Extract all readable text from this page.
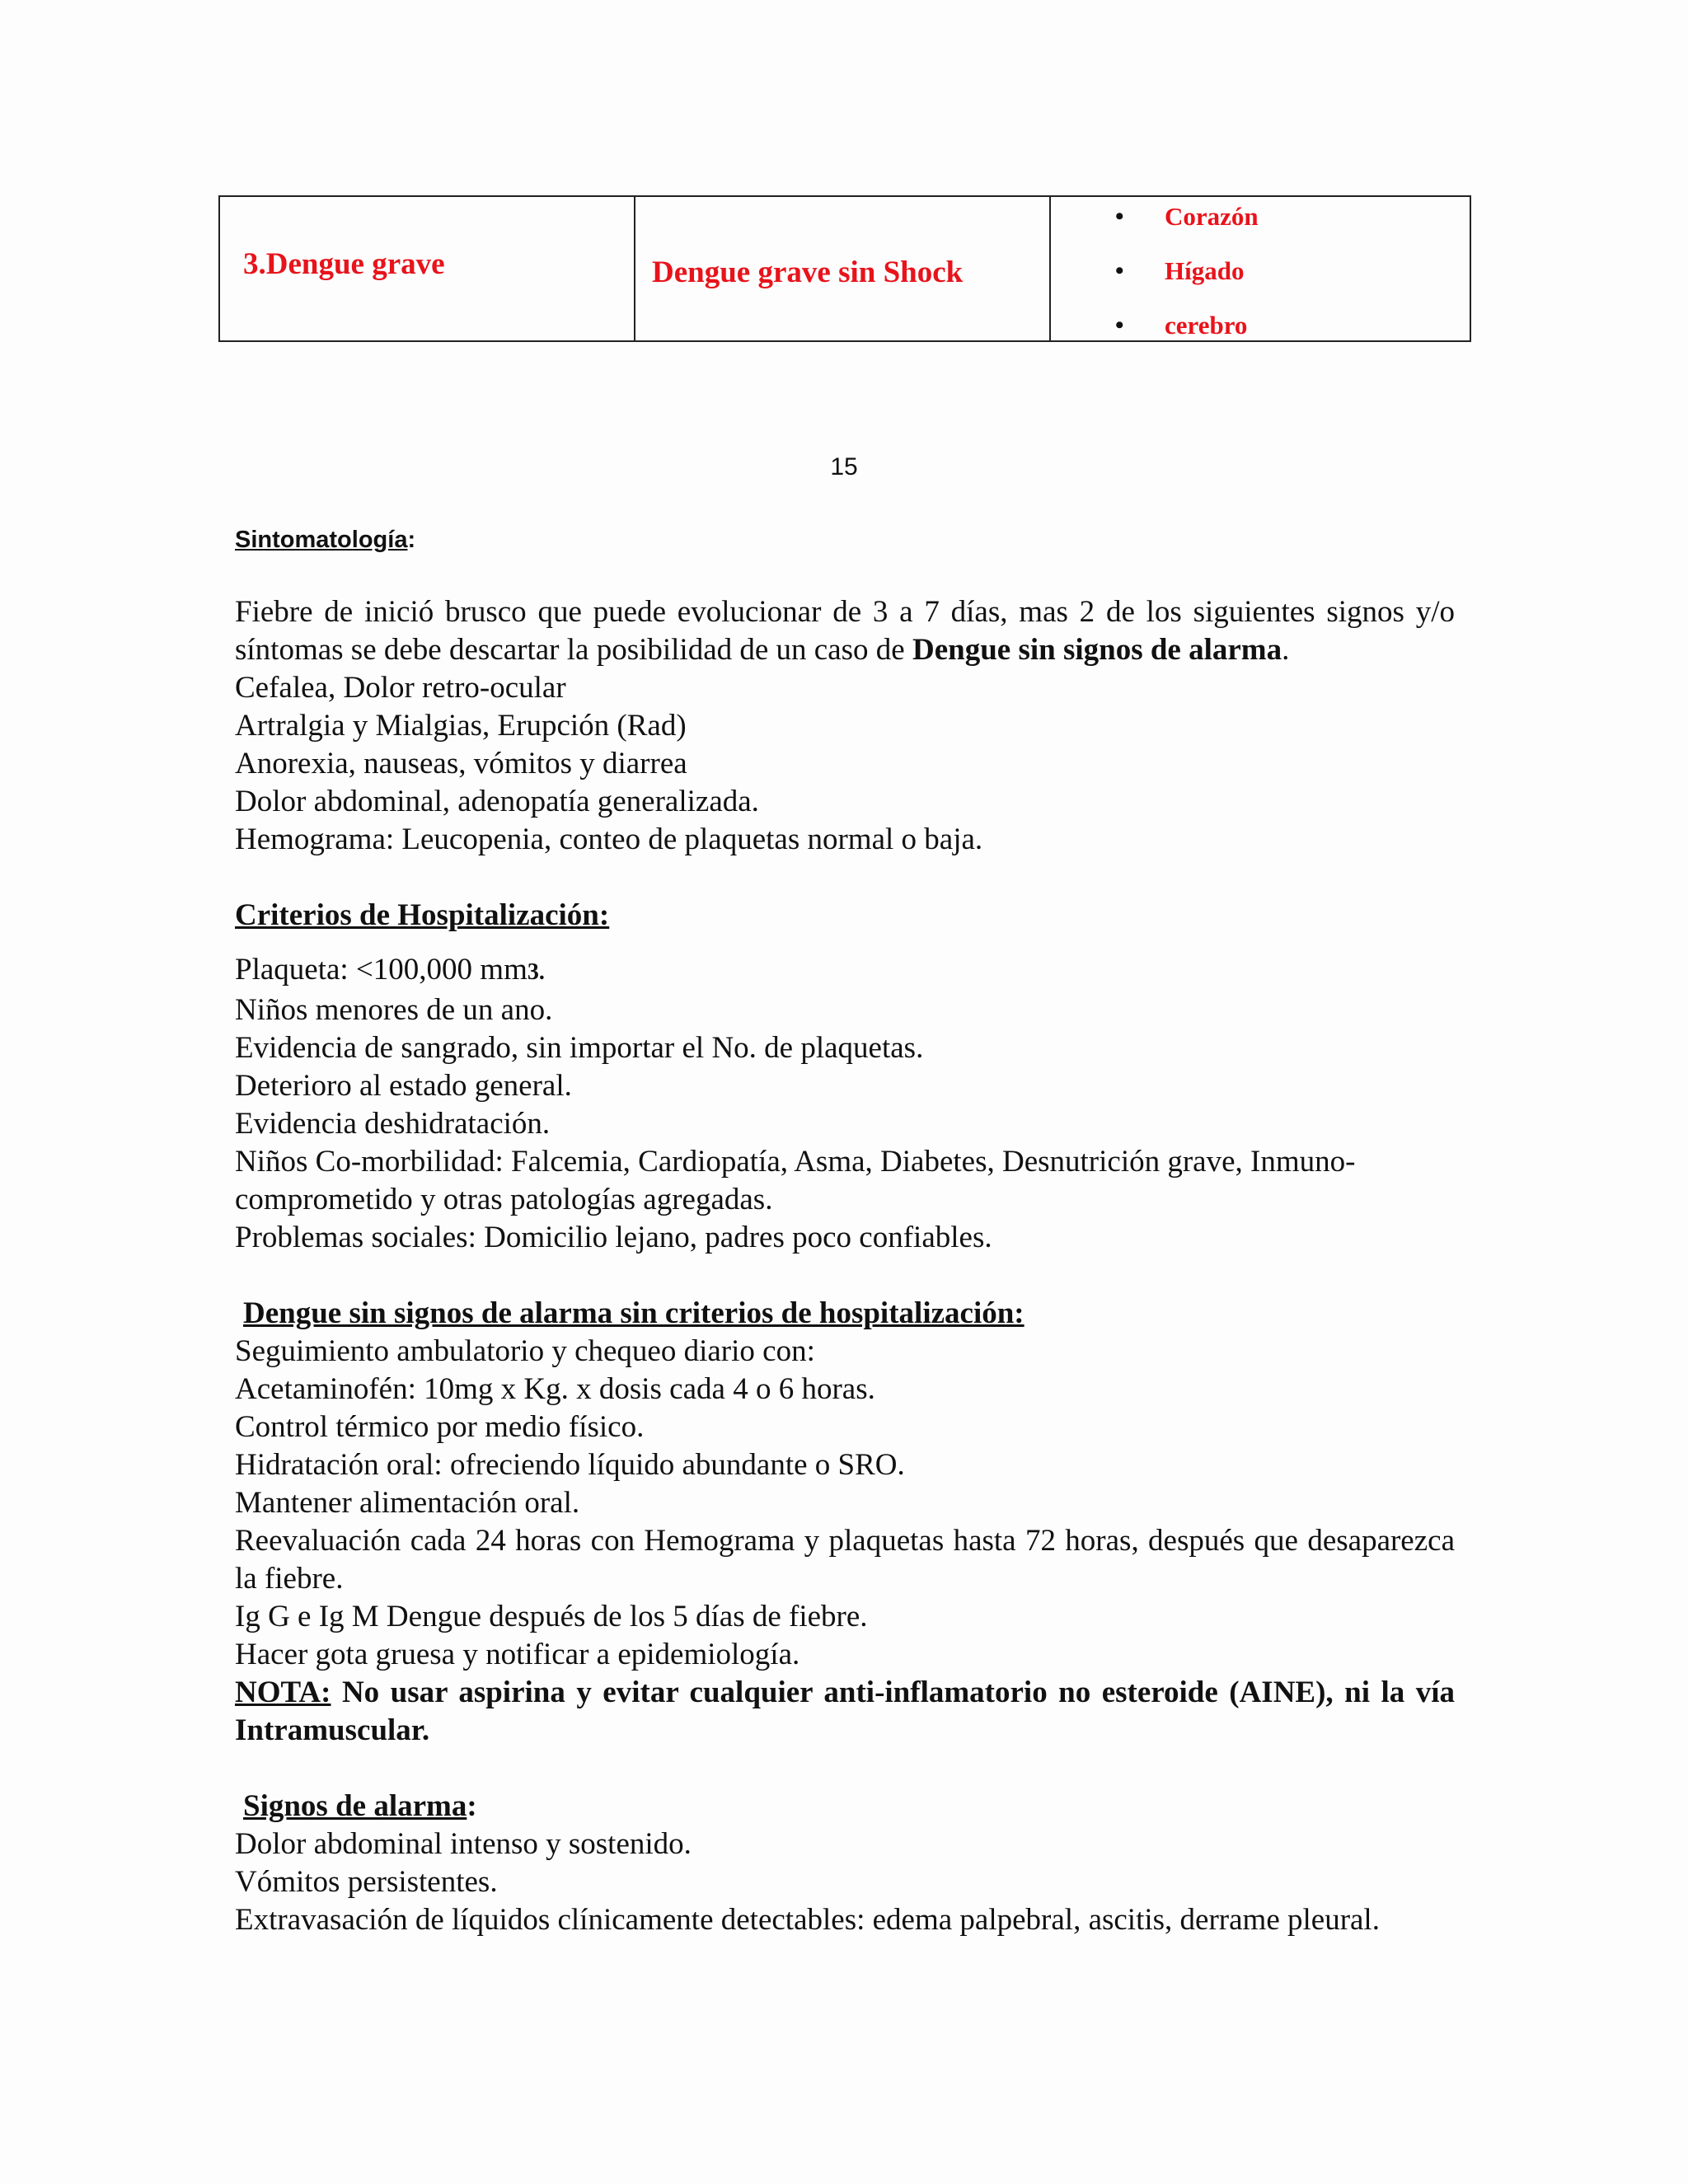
3.Dengue grave	Dengue grave sin Shock
• Corazón
• Hígado
• cerebro
15
Sintomatología:

Fiebre de inició brusco que puede evolucionar de 3 a 7 días, mas 2 de los siguientes signos y/o síntomas se debe descartar la posibilidad de un caso de Dengue sin signos de alarma.

Cefalea, Dolor retro-ocular
Artralgia y Mialgias, Erupción (Rad)
Anorexia, nauseas, vómitos y diarrea
Dolor abdominal, adenopatía generalizada.
Hemograma: Leucopenia, conteo de plaquetas normal o baja.
Criterios de Hospitalización:
Plaqueta: <100,000 mm3.
Niños menores de un ano.
Evidencia de sangrado, sin importar el No. de plaquetas.
Deterioro al estado general.
Evidencia deshidratación.
Niños Co-morbilidad: Falcemia, Cardiopatía, Asma, Diabetes, Desnutrición grave, Inmuno-comprometido y otras patologías agregadas.
Problemas sociales: Domicilio lejano, padres poco confiables.
Dengue sin signos de alarma sin criterios de hospitalización:
Seguimiento ambulatorio y chequeo diario con:
Acetaminofén: 10mg x Kg. x dosis cada 4 o 6 horas.
Control térmico por medio físico.
Hidratación oral: ofreciendo líquido abundante o SRO.
Mantener alimentación oral.
Reevaluación cada 24 horas con Hemograma y plaquetas hasta 72 horas, después que desaparezca la fiebre.
Ig G e Ig M Dengue después de los 5 días de fiebre.
Hacer gota gruesa y notificar a epidemiología.

NOTA: No usar aspirina y evitar cualquier anti-inflamatorio no esteroide (AINE), ni la vía Intramuscular.

Signos de alarma:
Dolor abdominal intenso y sostenido.
Vómitos persistentes.
Extravasación de líquidos clínicamente detectables: edema palpebral, ascitis, derrame pleural.
